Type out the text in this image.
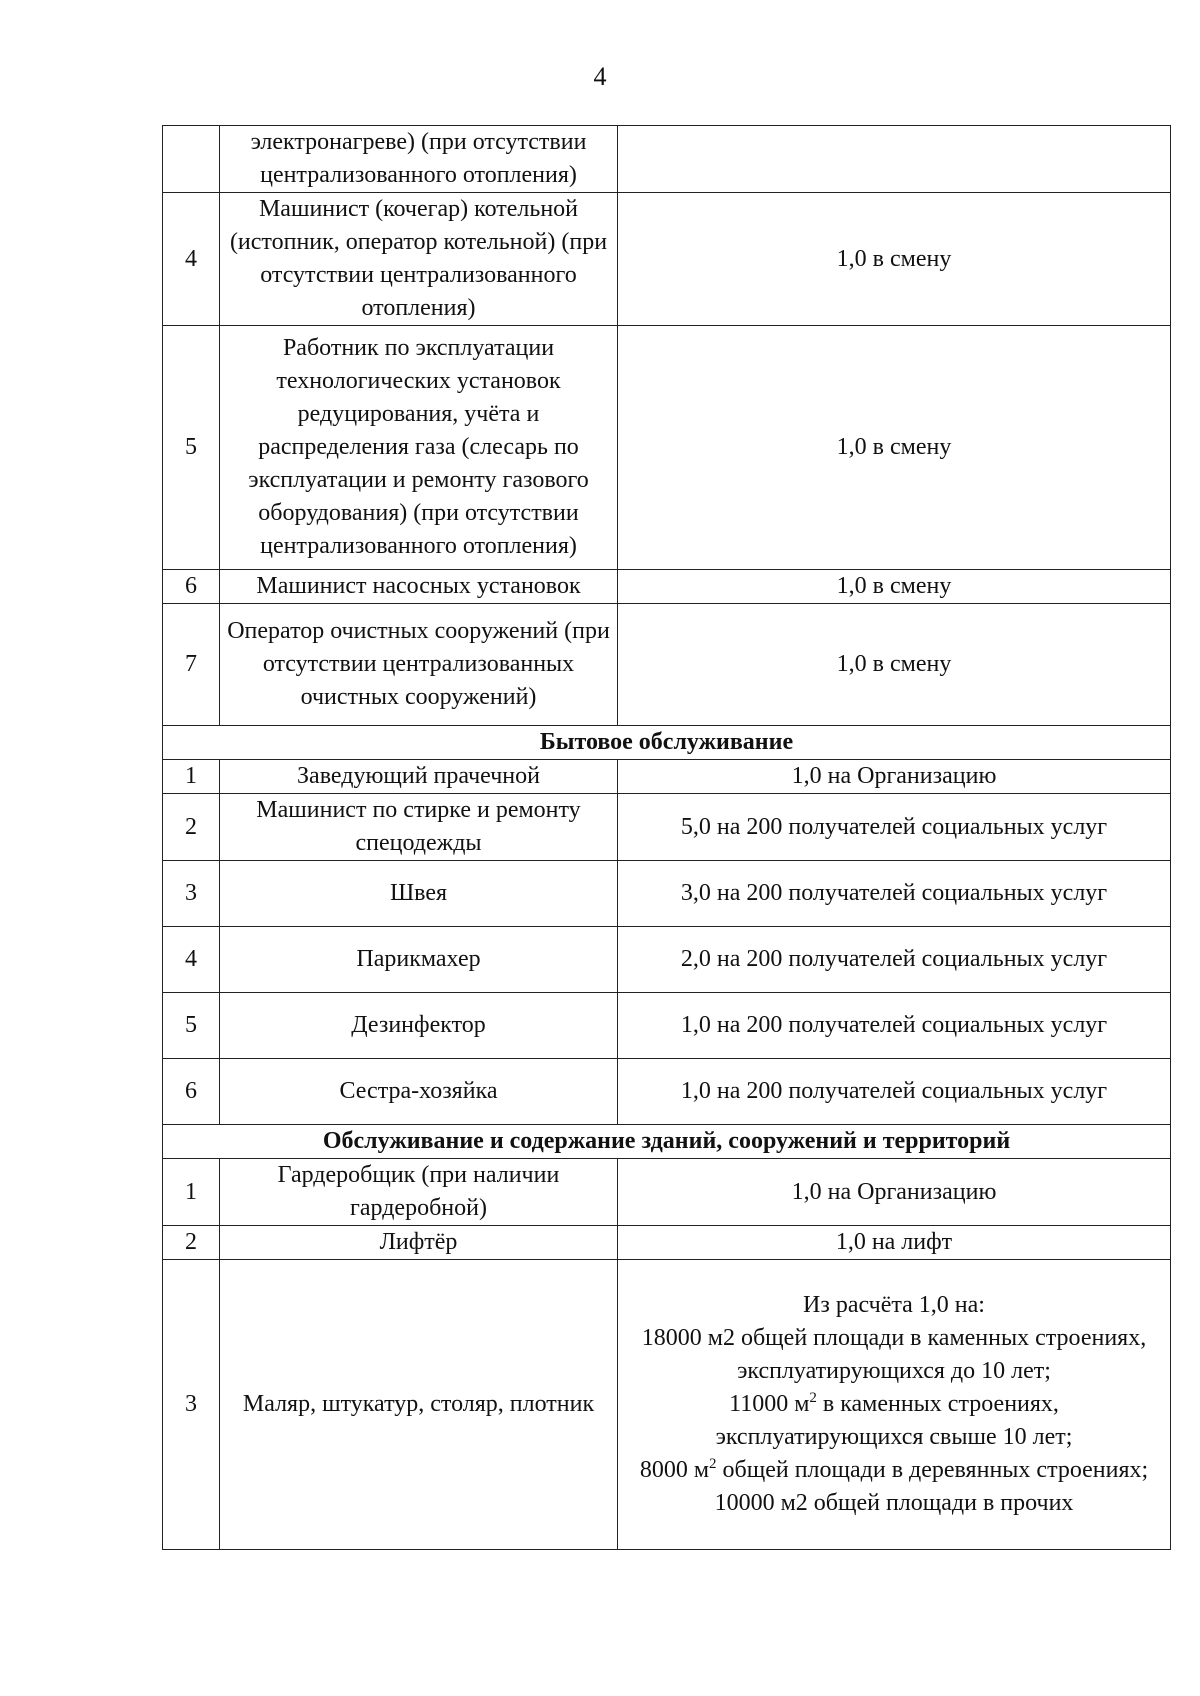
4
	электронагреве) (при отсутствии централизованного отопления)	
4	Машинист (кочегар) котельной (истопник, оператор котельной) (при отсутствии централизованного отопления)	1,0 в смену
5	Работник по эксплуатации технологических установок редуцирования, учёта и распределения газа (слесарь по эксплуатации и ремонту газового оборудования) (при отсутствии централизованного отопления)	1,0 в смену
6	Машинист насосных установок	1,0 в смену
7	Оператор очистных сооружений (при отсутствии централизованных очистных сооружений)	1,0 в смену
Бытовое обслуживание		
1	Заведующий прачечной	1,0 на Организацию
2	Машинист по стирке и ремонту спецодежды	5,0 на 200 получателей социальных услуг
3	Швея	3,0 на 200 получателей социальных услуг
4	Парикмахер	2,0 на 200 получателей социальных услуг
5	Дезинфектор	1,0 на 200 получателей социальных услуг
6	Сестра-хозяйка	1,0 на 200 получателей социальных услуг
Обслуживание и содержание зданий, сооружений и территорий		
1	Гардеробщик (при наличии гардеробной)	1,0 на Организацию
2	Лифтёр	1,0 на лифт
3	Маляр, штукатур, столяр, плотник	Из расчёта 1,0 на:
18000 м2 общей площади в каменных строениях, эксплуатирующихся до 10 лет;
11000 $м^2$ в каменных строениях, эксплуатирующихся свыше 10 лет;
8000 $м^2$ общей площади в деревянных строениях;
10000 м2 общей площади в прочих
